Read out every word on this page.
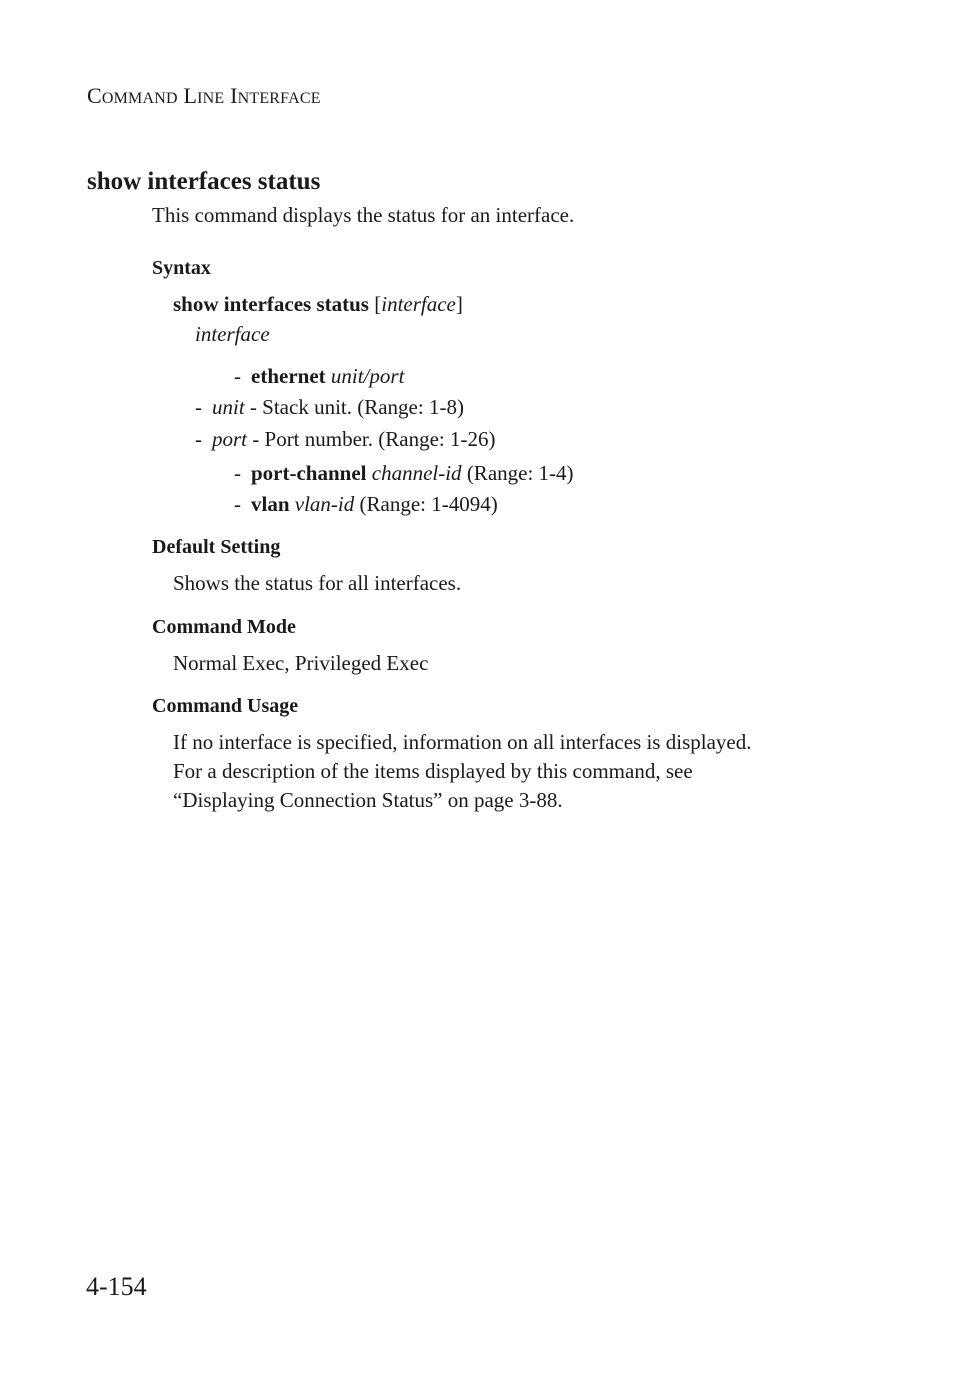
COMMAND LINE INTERFACE
show interfaces status
This command displays the status for an interface.
Syntax
show interfaces status [interface]
interface
- ethernet unit/port
- unit - Stack unit. (Range: 1-8)
- port - Port number. (Range: 1-26)
- port-channel channel-id (Range: 1-4)
- vlan vlan-id (Range: 1-4094)
Default Setting
Shows the status for all interfaces.
Command Mode
Normal Exec, Privileged Exec
Command Usage
If no interface is specified, information on all interfaces is displayed.
For a description of the items displayed by this command, see
“Displaying Connection Status” on page 3-88.
4-154
